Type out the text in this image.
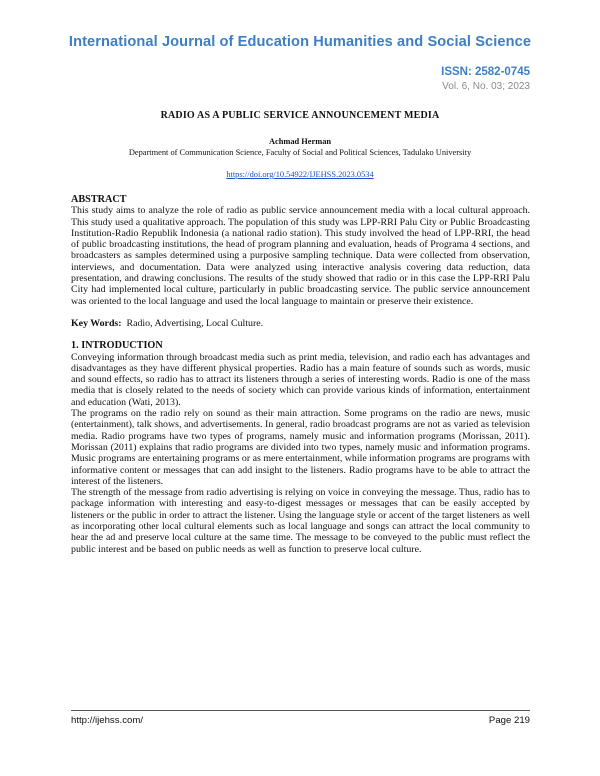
International Journal of Education Humanities and Social Science
ISSN: 2582-0745
Vol. 6, No. 03; 2023
RADIO AS A PUBLIC SERVICE ANNOUNCEMENT MEDIA
Achmad Herman
Department of Communication Science, Faculty of Social and Political Sciences, Tadulako University
https://doi.org/10.54922/IJEHSS.2023.0534

ABSTRACT

This study aims to analyze the role of radio as public service announcement media with a local cultural approach. This study used a qualitative approach. The population of this study was LPP-RRI Palu City or Public Broadcasting Institution-Radio Republik Indonesia (a national radio station). This study involved the head of LPP-RRI, the head of public broadcasting institutions, the head of program planning and evaluation, heads of Programa 4 sections, and broadcasters as samples determined using a purposive sampling technique. Data were collected from observation, interviews, and documentation. Data were analyzed using interactive analysis covering data reduction, data presentation, and drawing conclusions. The results of the study showed that radio or in this case the LPP-RRI Palu City had implemented local culture, particularly in public broadcasting service. The public service announcement was oriented to the local language and used the local language to maintain or preserve their existence.

Key Words: Radio, Advertising, Local Culture.

1. INTRODUCTION

Conveying information through broadcast media such as print media, television, and radio each has advantages and disadvantages as they have different physical properties. Radio has a main feature of sounds such as words, music and sound effects, so radio has to attract its listeners through a series of interesting words. Radio is one of the mass media that is closely related to the needs of society which can provide various kinds of information, entertainment and education (Wati, 2013).

The programs on the radio rely on sound as their main attraction. Some programs on the radio are news, music (entertainment), talk shows, and advertisements. In general, radio broadcast programs are not as varied as television media. Radio programs have two types of programs, namely music and information programs (Morissan, 2011). Morissan (2011) explains that radio programs are divided into two types, namely music and information programs. Music programs are entertaining programs or as mere entertainment, while information programs are programs with informative content or messages that can add insight to the listeners. Radio programs have to be able to attract the interest of the listeners.

The strength of the message from radio advertising is relying on voice in conveying the message. Thus, radio has to package information with interesting and easy-to-digest messages or messages that can be easily accepted by listeners or the public in order to attract the listener. Using the language style or accent of the target listeners as well as incorporating other local cultural elements such as local language and songs can attract the local community to hear the ad and preserve local culture at the same time. The message to be conveyed to the public must reflect the public interest and be based on public needs as well as function to preserve local culture.

http://ijehss.com/	Page 219
